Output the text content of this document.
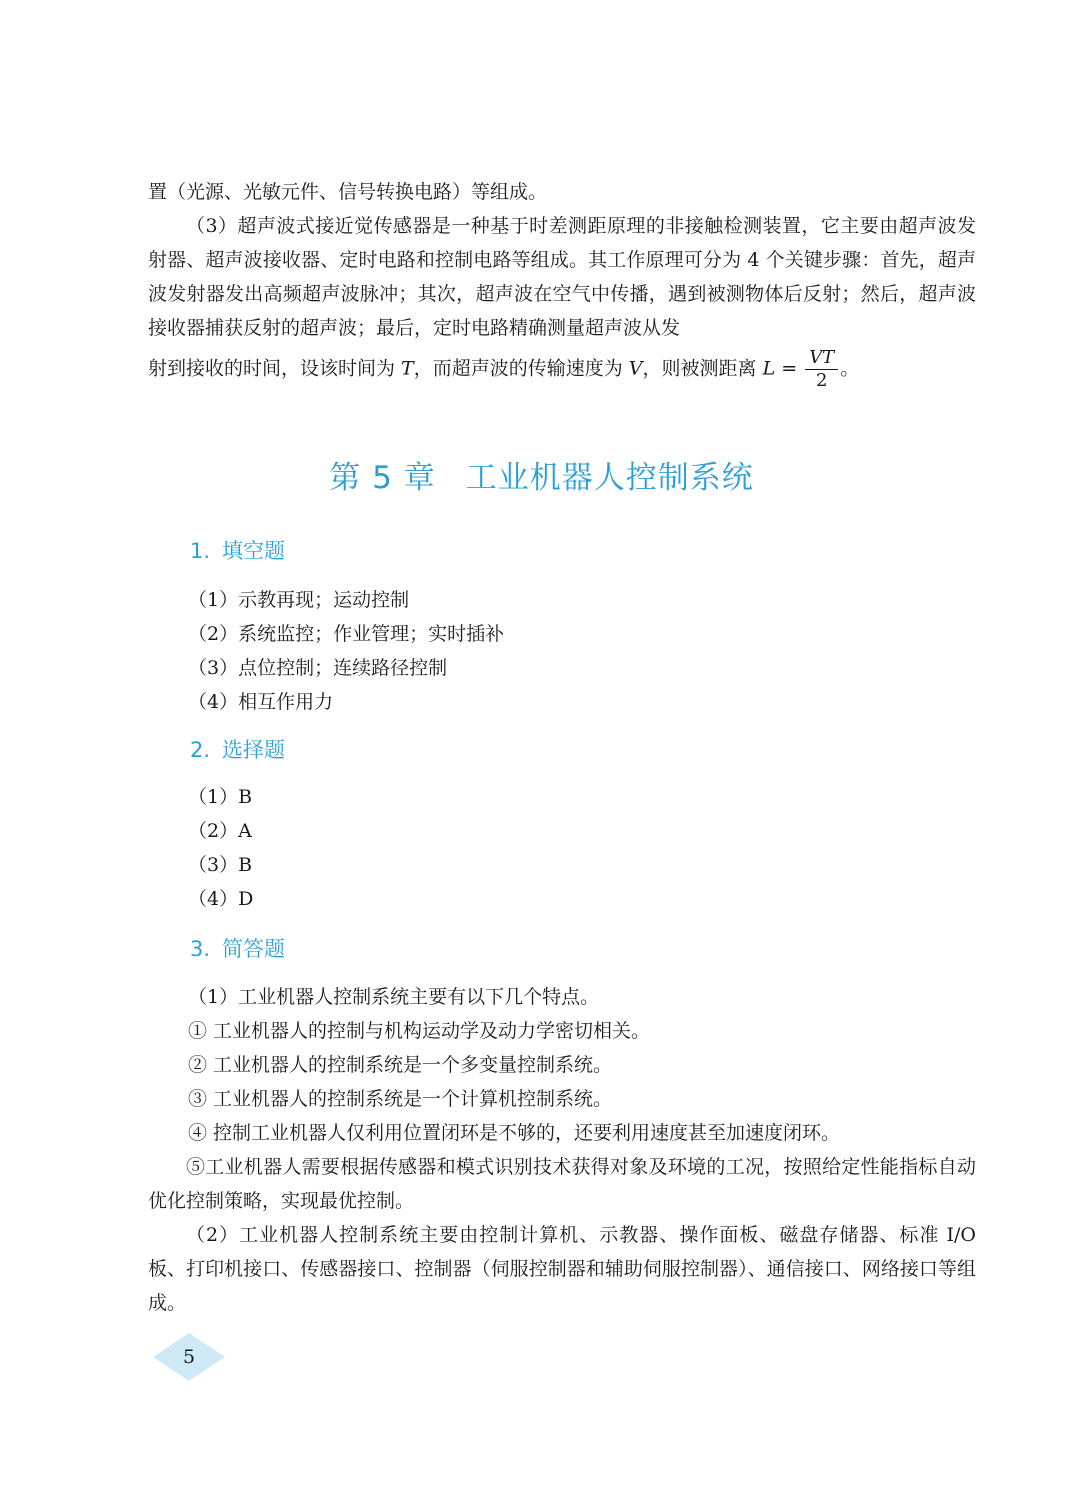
置（光源、光敏元件、信号转换电路）等组成。

（3）超声波式接近觉传感器是一种基于时差测距原理的非接触检测装置，它主要由超声波发射器、超声波接收器、定时电路和控制电路等组成。其工作原理可分为 4 个关键步骤：首先，超声波发射器发出高频超声波脉冲；其次，超声波在空气中传播，遇到被测物体后反射；然后，超声波接收器捕获反射的超声波；最后，定时电路精确测量超声波从发

射到接收的时间，设该时间为 T，而超声波的传输速度为 V，则被测距离 $L = \frac{VT}{2}$ 。

第 5 章 工业机器人控制系统
1. 填空题
（1）示教再现；运动控制
（2）系统监控；作业管理；实时插补
（3）点位控制；连续路径控制
（4）相互作用力
2. 选择题
（1）B
（2）A
（3）B
（4）D
3. 简答题
（1）工业机器人控制系统主要有以下几个特点。
① 工业机器人的控制与机构运动学及动力学密切相关。
② 工业机器人的控制系统是一个多变量控制系统。
③ 工业机器人的控制系统是一个计算机控制系统。
④ 控制工业机器人仅利用位置闭环是不够的，还要利用速度甚至加速度闭环。

⑤工业机器人需要根据传感器和模式识别技术获得对象及环境的工况，按照给定性能指标自动优化控制策略，实现最优控制。

（2）工业机器人控制系统主要由控制计算机、示教器、操作面板、磁盘存储器、标准 I/O 板、打印机接口、传感器接口、控制器（伺服控制器和辅助伺服控制器）、通信接口、网络接口等组成。

5
